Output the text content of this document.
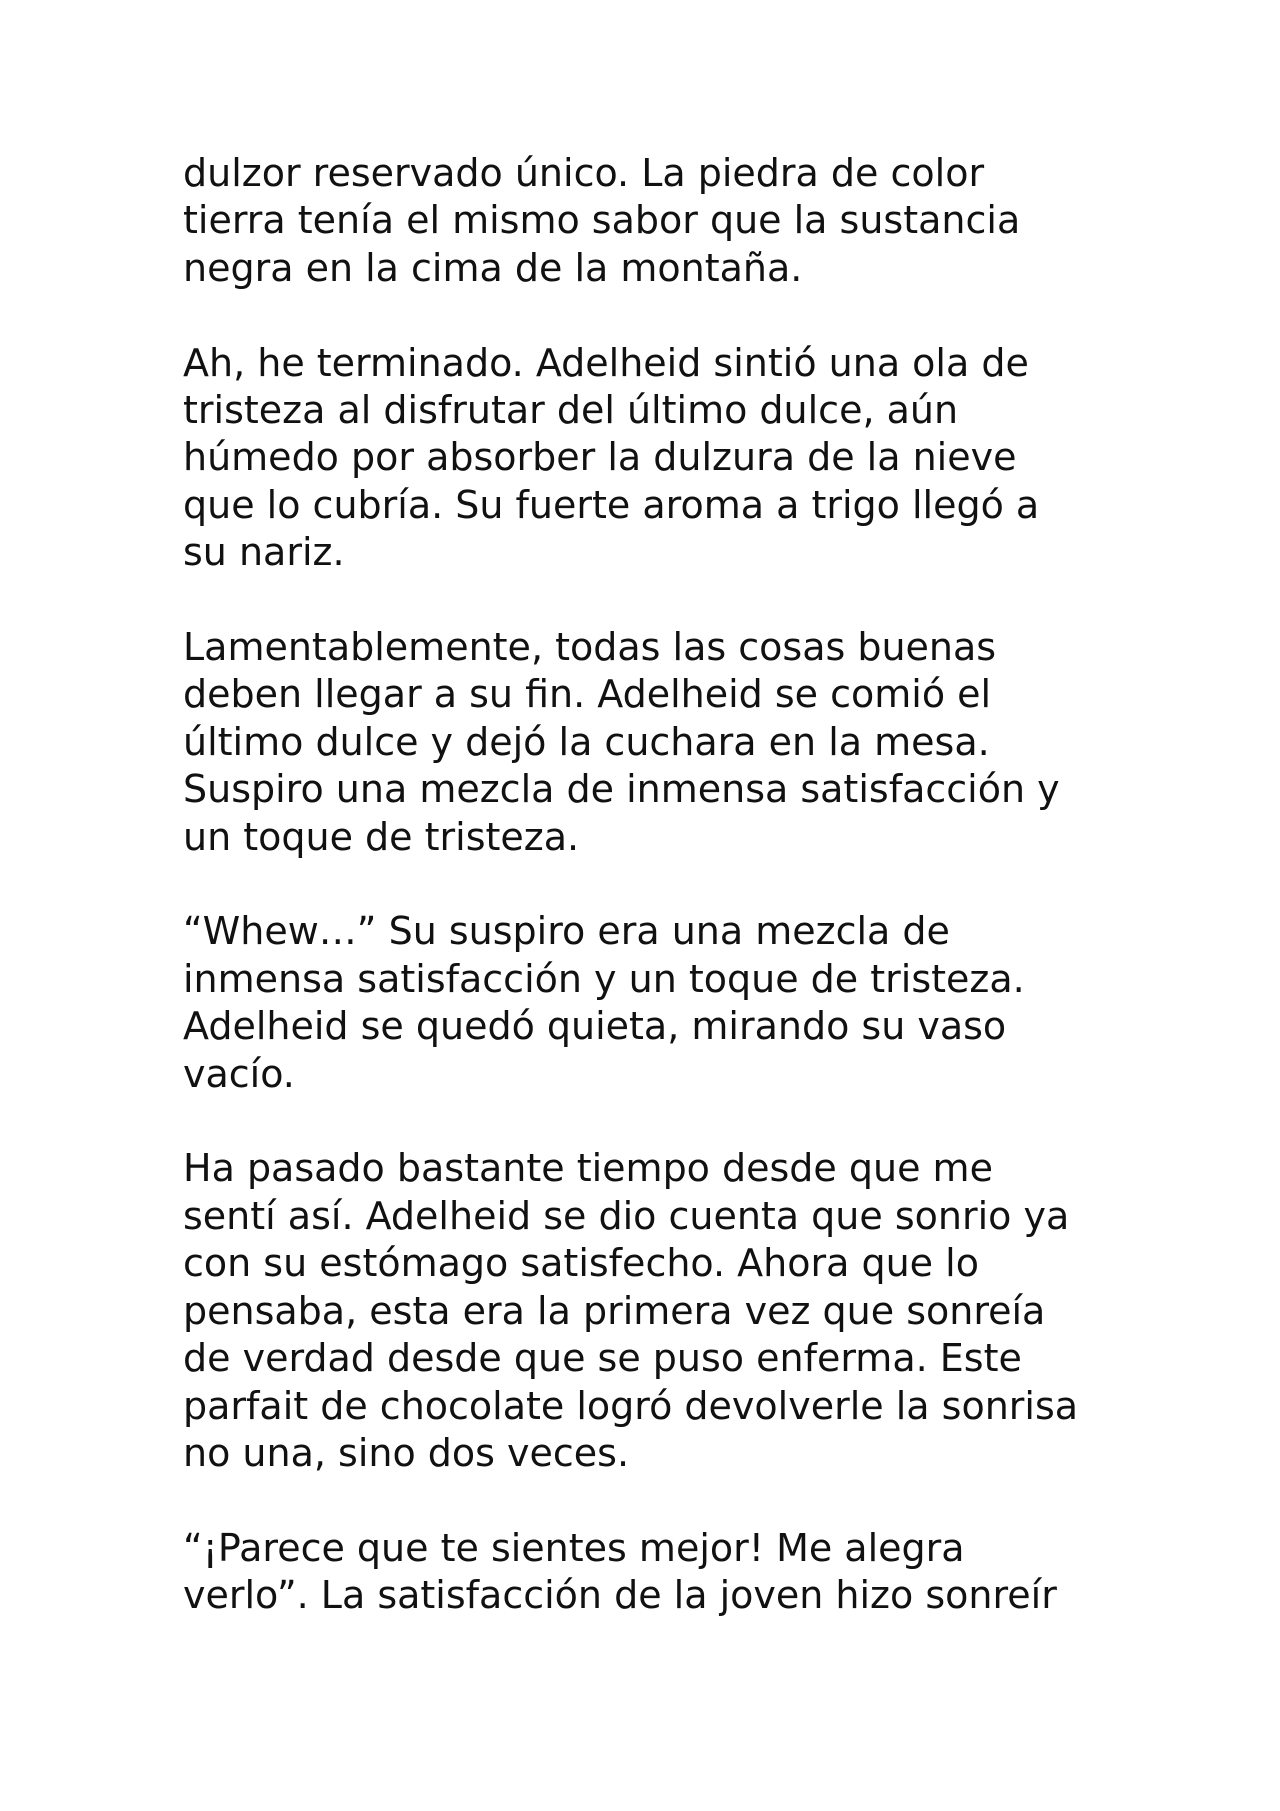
dulzor reservado único. La piedra de color
tierra tenía el mismo sabor que la sustancia
negra en la cima de la montaña.

Ah, he terminado. Adelheid sintió una ola de
tristeza al disfrutar del último dulce, aún
húmedo por absorber la dulzura de la nieve
que lo cubría. Su fuerte aroma a trigo llegó a
su nariz.

Lamentablemente, todas las cosas buenas
deben llegar a su fin. Adelheid se comió el
último dulce y dejó la cuchara en la mesa.
Suspiro una mezcla de inmensa satisfacción y
un toque de tristeza.

“Whew…” Su suspiro era una mezcla de
inmensa satisfacción y un toque de tristeza.
Adelheid se quedó quieta, mirando su vaso
vacío.

Ha pasado bastante tiempo desde que me
sentí así. Adelheid se dio cuenta que sonrio ya
con su estómago satisfecho. Ahora que lo
pensaba, esta era la primera vez que sonreía
de verdad desde que se puso enferma. Este
parfait de chocolate logró devolverle la sonrisa
no una, sino dos veces.

“¡Parece que te sientes mejor! Me alegra
verlo”. La satisfacción de la joven hizo sonreír
